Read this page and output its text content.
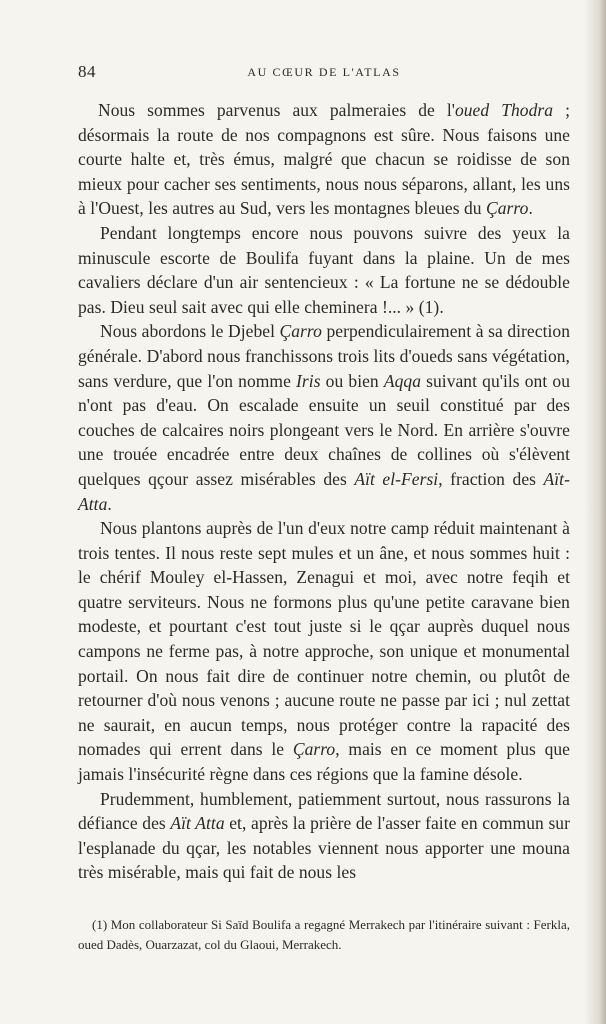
84	AU CŒUR DE L'ATLAS

Nous sommes parvenus aux palmeraies de l'oued Thodra ; désormais la route de nos compagnons est sûre. Nous faisons une courte halte et, très émus, malgré que chacun se roidisse de son mieux pour cacher ses sentiments, nous nous séparons, allant, les uns à l'Ouest, les autres au Sud, vers les montagnes bleues du Çarro.

Pendant longtemps encore nous pouvons suivre des yeux la minuscule escorte de Boulifa fuyant dans la plaine. Un de mes cavaliers déclare d'un air sentencieux : « La fortune ne se dédouble pas. Dieu seul sait avec qui elle cheminera !... » (1).

Nous abordons le Djebel Çarro perpendiculairement à sa direction générale. D'abord nous franchissons trois lits d'oueds sans végétation, sans verdure, que l'on nomme Iris ou bien Aqqa suivant qu'ils ont ou n'ont pas d'eau. On escalade ensuite un seuil constitué par des couches de calcaires noirs plongeant vers le Nord. En arrière s'ouvre une trouée encadrée entre deux chaînes de collines où s'élèvent quelques qçour assez misérables des Aït el-Fersi, fraction des Aït-Atta.

Nous plantons auprès de l'un d'eux notre camp réduit maintenant à trois tentes. Il nous reste sept mules et un âne, et nous sommes huit : le chérif Mouley el-Hassen, Zenagui et moi, avec notre feqih et quatre serviteurs. Nous ne formons plus qu'une petite caravane bien modeste, et pourtant c'est tout juste si le qçar auprès duquel nous campons ne ferme pas, à notre approche, son unique et monumental portail. On nous fait dire de continuer notre chemin, ou plutôt de retourner d'où nous venons ; aucune route ne passe par ici ; nul zettat ne saurait, en aucun temps, nous protéger contre la rapacité des nomades qui errent dans le Çarro, mais en ce moment plus que jamais l'insécurité règne dans ces régions que la famine désole.

Prudemment, humblement, patiemment surtout, nous rassurons la défiance des Aït Atta et, après la prière de l'asser faite en commun sur l'esplanade du qçar, les notables viennent nous apporter une mouna très misérable, mais qui fait de nous les

(1) Mon collaborateur Si Saïd Boulifa a regagné Merrakech par l'itinéraire suivant : Ferkla, oued Dadès, Ouarzazat, col du Glaoui, Merrakech.
